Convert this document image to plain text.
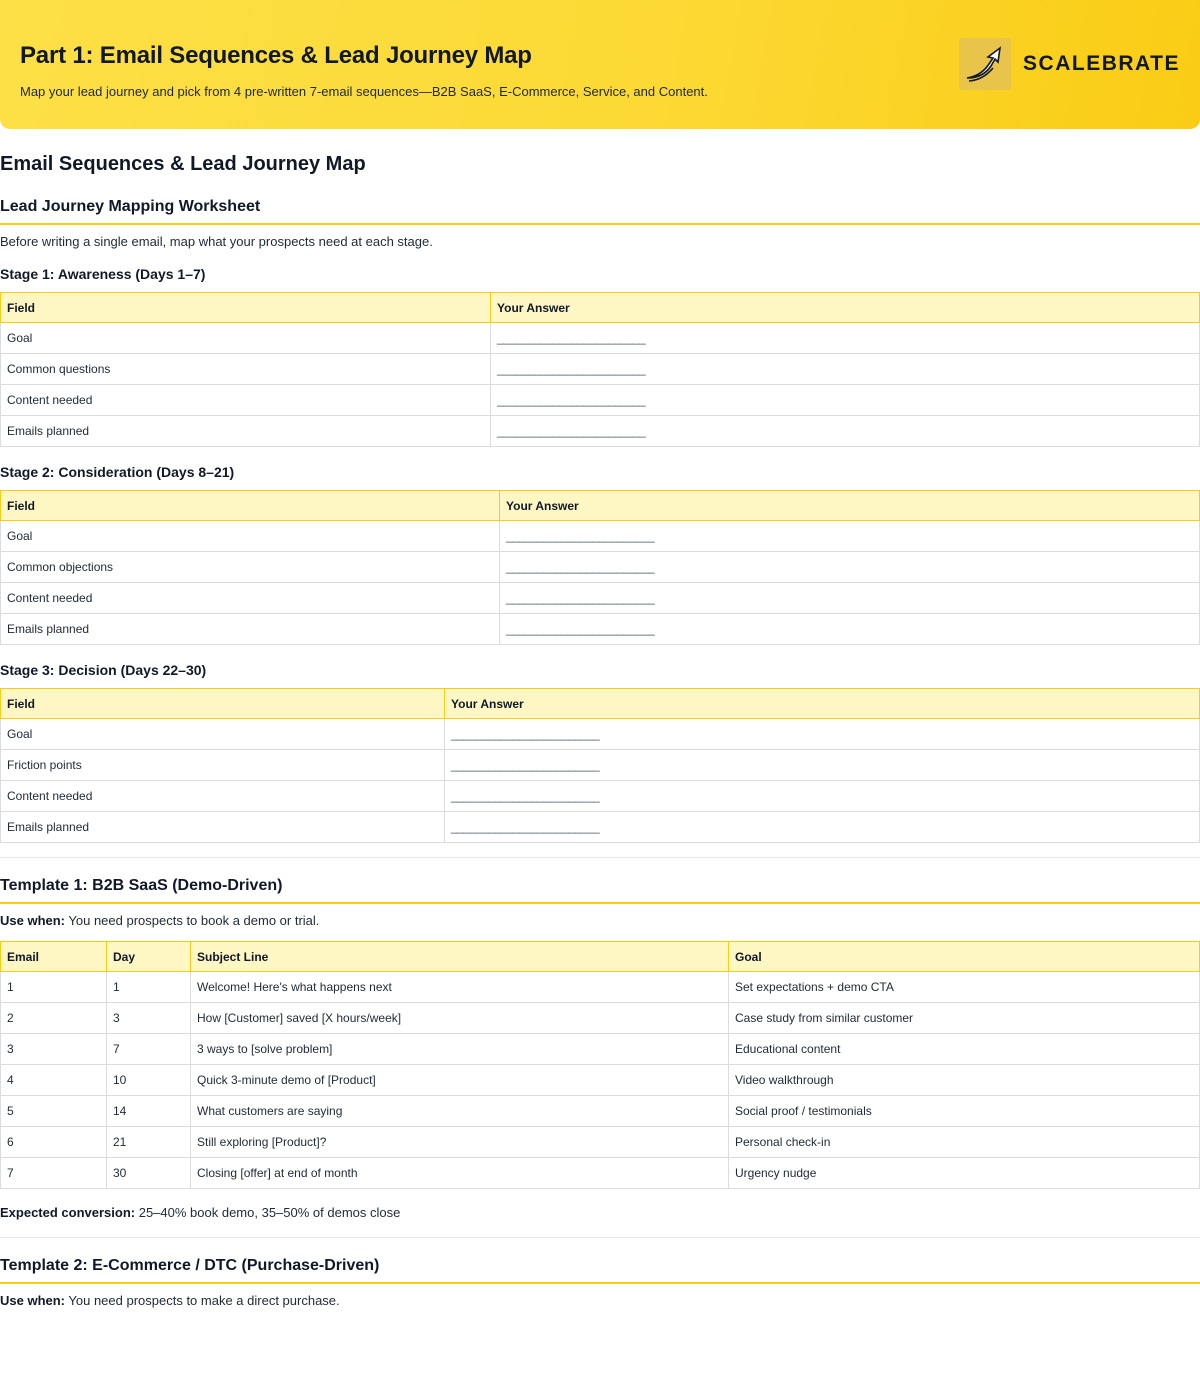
Part 1: Email Sequences & Lead Journey Map
Map your lead journey and pick from 4 pre-written 7-email sequences—B2B SaaS, E-Commerce, Service, and Content.
SCALEBRATE
Email Sequences & Lead Journey Map
Lead Journey Mapping Worksheet

Before writing a single email, map what your prospects need at each stage.

Stage 1: Awareness (Days 1–7)
Field	Your Answer
Goal	________________________
Common questions	________________________
Content needed	________________________
Emails planned	________________________
Stage 2: Consideration (Days 8–21)
Field	Your Answer
Goal	________________________
Common objections	________________________
Content needed	________________________
Emails planned	________________________
Stage 3: Decision (Days 22–30)
Field	Your Answer
Goal	________________________
Friction points	________________________
Content needed	________________________
Emails planned	________________________
Template 1: B2B SaaS (Demo-Driven)

Use when: You need prospects to book a demo or trial.

Email	Day	Subject Line	Goal
1	1	Welcome! Here's what happens next	Set expectations + demo CTA
2	3	How [Customer] saved [X hours/week]	Case study from similar customer
3	7	3 ways to [solve problem]	Educational content
4	10	Quick 3-minute demo of [Product]	Video walkthrough
5	14	What customers are saying	Social proof / testimonials
6	21	Still exploring [Product]?	Personal check-in
7	30	Closing [offer] at end of month	Urgency nudge

Expected conversion: 25–40% book demo, 35–50% of demos close

Template 2: E-Commerce / DTC (Purchase-Driven)

Use when: You need prospects to make a direct purchase.
